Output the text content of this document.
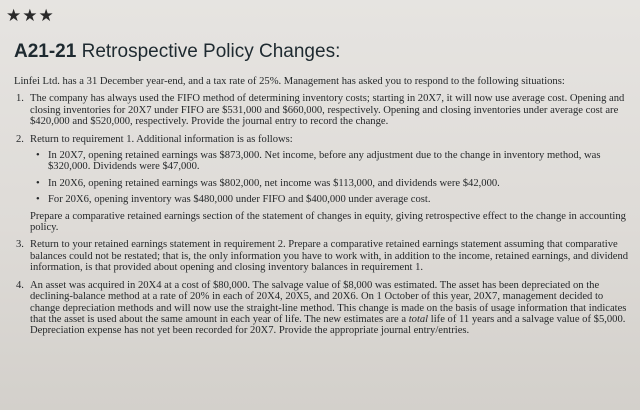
★★★
A21-21 Retrospective Policy Changes:

Linfei Ltd. has a 31 December year-end, and a tax rate of 25%. Management has asked you to respond to the following situations:

1. The company has always used the FIFO method of determining inventory costs; starting in 20X7, it will now use average cost. Opening and closing inventories for 20X7 under FIFO are $531,000 and $660,000, respectively. Opening and closing inventories under average cost are $420,000 and $520,000, respectively. Provide the journal entry to record the change.
2. Return to requirement 1. Additional information is as follows:
• In 20X7, opening retained earnings was $873,000. Net income, before any adjustment due to the change in inventory method, was $320,000. Dividends were $47,000.
• In 20X6, opening retained earnings was $802,000, net income was $113,000, and dividends were $42,000.
• For 20X6, opening inventory was $480,000 under FIFO and $400,000 under average cost.

Prepare a comparative retained earnings section of the statement of changes in equity, giving retrospective effect to the change in accounting policy.

3. Return to your retained earnings statement in requirement 2. Prepare a comparative retained earnings statement assuming that comparative balances could not be restated; that is, the only information you have to work with, in addition to the income, retained earnings, and dividend information, is that provided about opening and closing inventory balances in requirement 1.
4. An asset was acquired in 20X4 at a cost of $80,000. The salvage value of $8,000 was estimated. The asset has been depreciated on the declining-balance method at a rate of 20% in each of 20X4, 20X5, and 20X6. On 1 October of this year, 20X7, management decided to change depreciation methods and will now use the straight-line method. This change is made on the basis of usage information that indicates that the asset is used about the same amount in each year of life. The new estimates are a total life of 11 years and a salvage value of $5,000. Depreciation expense has not yet been recorded for 20X7. Provide the appropriate journal entry/entries.
